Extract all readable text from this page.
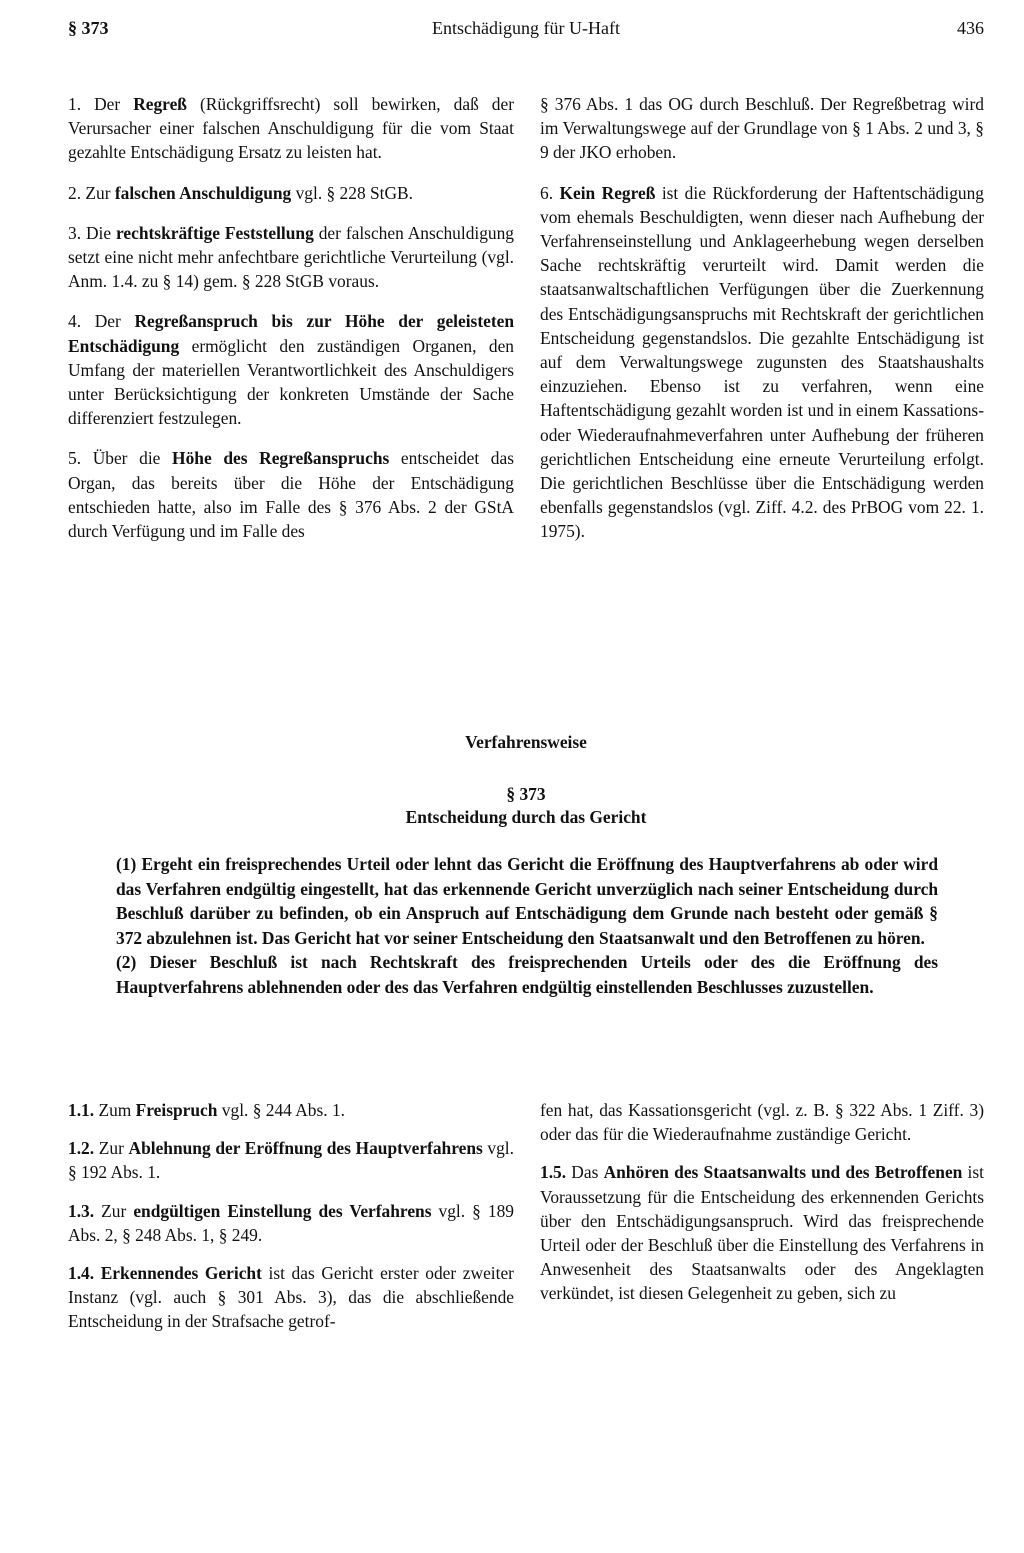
§ 373	Entschädigung für U-Haft	436

1. Der Regreß (Rückgriffsrecht) soll bewirken, daß der Verursacher einer falschen Anschuldigung für die vom Staat gezahlte Entschädigung Ersatz zu leisten hat.

2. Zur falschen Anschuldigung vgl. § 228 StGB.

3. Die rechtskräftige Feststellung der falschen Anschuldigung setzt eine nicht mehr anfechtbare gerichtliche Verurteilung (vgl. Anm. 1.4. zu § 14) gem. § 228 StGB voraus.

4. Der Regreßanspruch bis zur Höhe der geleisteten Entschädigung ermöglicht den zuständigen Organen, den Umfang der materiellen Verantwortlichkeit des Anschuldigers unter Berücksichtigung der konkreten Umstände der Sache differenziert festzulegen.

5. Über die Höhe des Regreßanspruchs entscheidet das Organ, das bereits über die Höhe der Entschädigung entschieden hatte, also im Falle des § 376 Abs. 2 der GStA durch Verfügung und im Falle des

§ 376 Abs. 1 das OG durch Beschluß. Der Regreßbetrag wird im Verwaltungswege auf der Grundlage von § 1 Abs. 2 und 3, § 9 der JKO erhoben.

6. Kein Regreß ist die Rückforderung der Haftentschädigung vom ehemals Beschuldigten, wenn dieser nach Aufhebung der Verfahrenseinstellung und Anklageerhebung wegen derselben Sache rechtskräftig verurteilt wird. Damit werden die staatsanwaltschaftlichen Verfügungen über die Zuerkennung des Entschädigungsanspruchs mit Rechtskraft der gerichtlichen Entscheidung gegenstandslos. Die gezahlte Entschädigung ist auf dem Verwaltungswege zugunsten des Staatshaushalts einzuziehen. Ebenso ist zu verfahren, wenn eine Haftentschädigung gezahlt worden ist und in einem Kassations- oder Wiederaufnahmeverfahren unter Aufhebung der früheren gerichtlichen Entscheidung eine erneute Verurteilung erfolgt. Die gerichtlichen Beschlüsse über die Entschädigung werden ebenfalls gegenstandslos (vgl. Ziff. 4.2. des PrBOG vom 22. 1. 1975).

Verfahrensweise
§ 373
Entscheidung durch das Gericht

(1) Ergeht ein freisprechendes Urteil oder lehnt das Gericht die Eröffnung des Hauptverfahrens ab oder wird das Verfahren endgültig eingestellt, hat das erkennende Gericht unverzüglich nach seiner Entscheidung durch Beschluß darüber zu befinden, ob ein Anspruch auf Entschädigung dem Grunde nach besteht oder gemäß § 372 abzulehnen ist. Das Gericht hat vor seiner Entscheidung den Staatsanwalt und den Betroffenen zu hören.

(2) Dieser Beschluß ist nach Rechtskraft des freisprechenden Urteils oder des die Eröffnung des Hauptverfahrens ablehnenden oder des das Verfahren endgültig einstellenden Beschlusses zuzustellen.

1.1. Zum Freispruch vgl. § 244 Abs. 1.

1.2. Zur Ablehnung der Eröffnung des Hauptverfahrens vgl. § 192 Abs. 1.

1.3. Zur endgültigen Einstellung des Verfahrens vgl. § 189 Abs. 2, § 248 Abs. 1, § 249.

1.4. Erkennendes Gericht ist das Gericht erster oder zweiter Instanz (vgl. auch § 301 Abs. 3), das die abschließende Entscheidung in der Strafsache getrof-

fen hat, das Kassationsgericht (vgl. z. B. § 322 Abs. 1 Ziff. 3) oder das für die Wiederaufnahme zuständige Gericht.

1.5. Das Anhören des Staatsanwalts und des Betroffenen ist Voraussetzung für die Entscheidung des erkennenden Gerichts über den Entschädigungsanspruch. Wird das freisprechende Urteil oder der Beschluß über die Einstellung des Verfahrens in Anwesenheit des Staatsanwalts oder des Angeklagten verkündet, ist diesen Gelegenheit zu geben, sich zu
